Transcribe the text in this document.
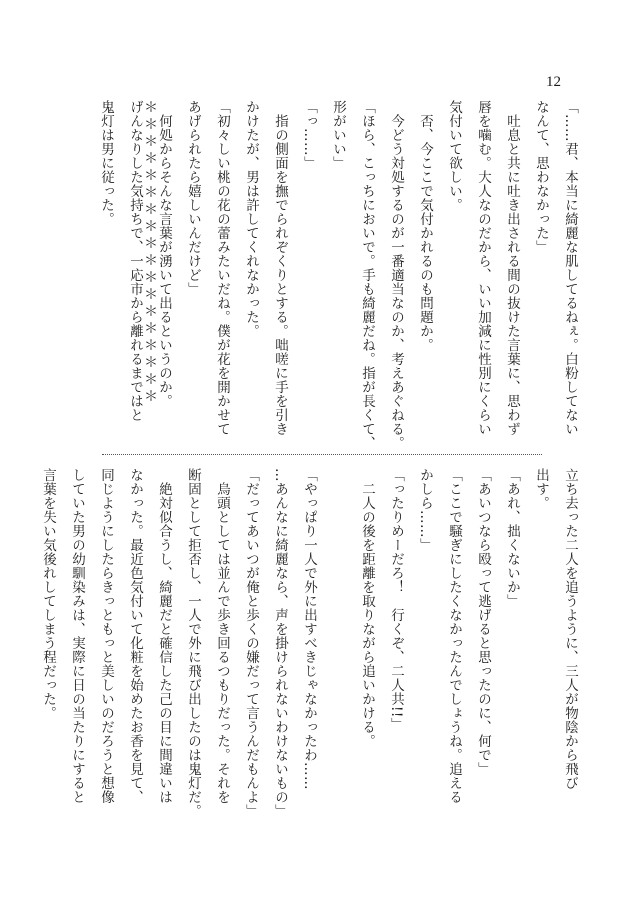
12

「……君、本当に綺麗な肌してるねぇ。白粉してない

なんて、思わなかった」

　吐息と共に吐き出される間の抜けた言葉に、思わず

唇を噛む。大人なのだから、いい加減に性別にくらい

気付いて欲しい。

　否、今ここで気付かれるのも問題か。

　今どう対処するのが一番適当なのか、考えあぐねる。

「ほら、こっちにおいで。手も綺麗だね。指が長くて、

形がいい」

「っ……」

　指の側面を撫でられぞくりとする。咄嗟に手を引き

かけたが、男は許してくれなかった。

「初々しい桃の花の蕾みたいだね。僕が花を開かせて

あげられたら嬉しいんだけど」

　何処からそんな言葉が湧いて出るというのか。

げんなりした気持ちで、一応市から離れるまではと

鬼灯は男に従った。	＊＊＊＊＊＊＊＊＊＊＊＊＊＊＊＊＊＊

立ち去った二人を追うように、三人が物陰から飛び

出す。

「あれ、拙くないか」

「あいつなら殴って逃げると思ったのに、何で」

「ここで騒ぎにしたくなかったんでしょうね。追える

かしら……」

「ったりめーだろ！　行くぞ、二人共!!」

　二人の後を距離を取りながら追いかける。

「やっぱり一人で外に出すべきじゃなかったわ……

…あんなに綺麗なら、声を掛けられないわけないもの」

「だってあいつが俺と歩くの嫌だって言うんだもんよ」

　烏頭としては並んで歩き回るつもりだった。それを

断固として拒否し、一人で外に飛び出したのは鬼灯だ。

　絶対似合うし、綺麗だと確信した己の目に間違いは

なかった。最近色気付いて化粧を始めたお香を見て、

同じようにしたらきっともっと美しいのだろうと想像

していた男の幼馴染みは、実際に日の当たりにすると

言葉を失い気後れしてしまう程だった。
